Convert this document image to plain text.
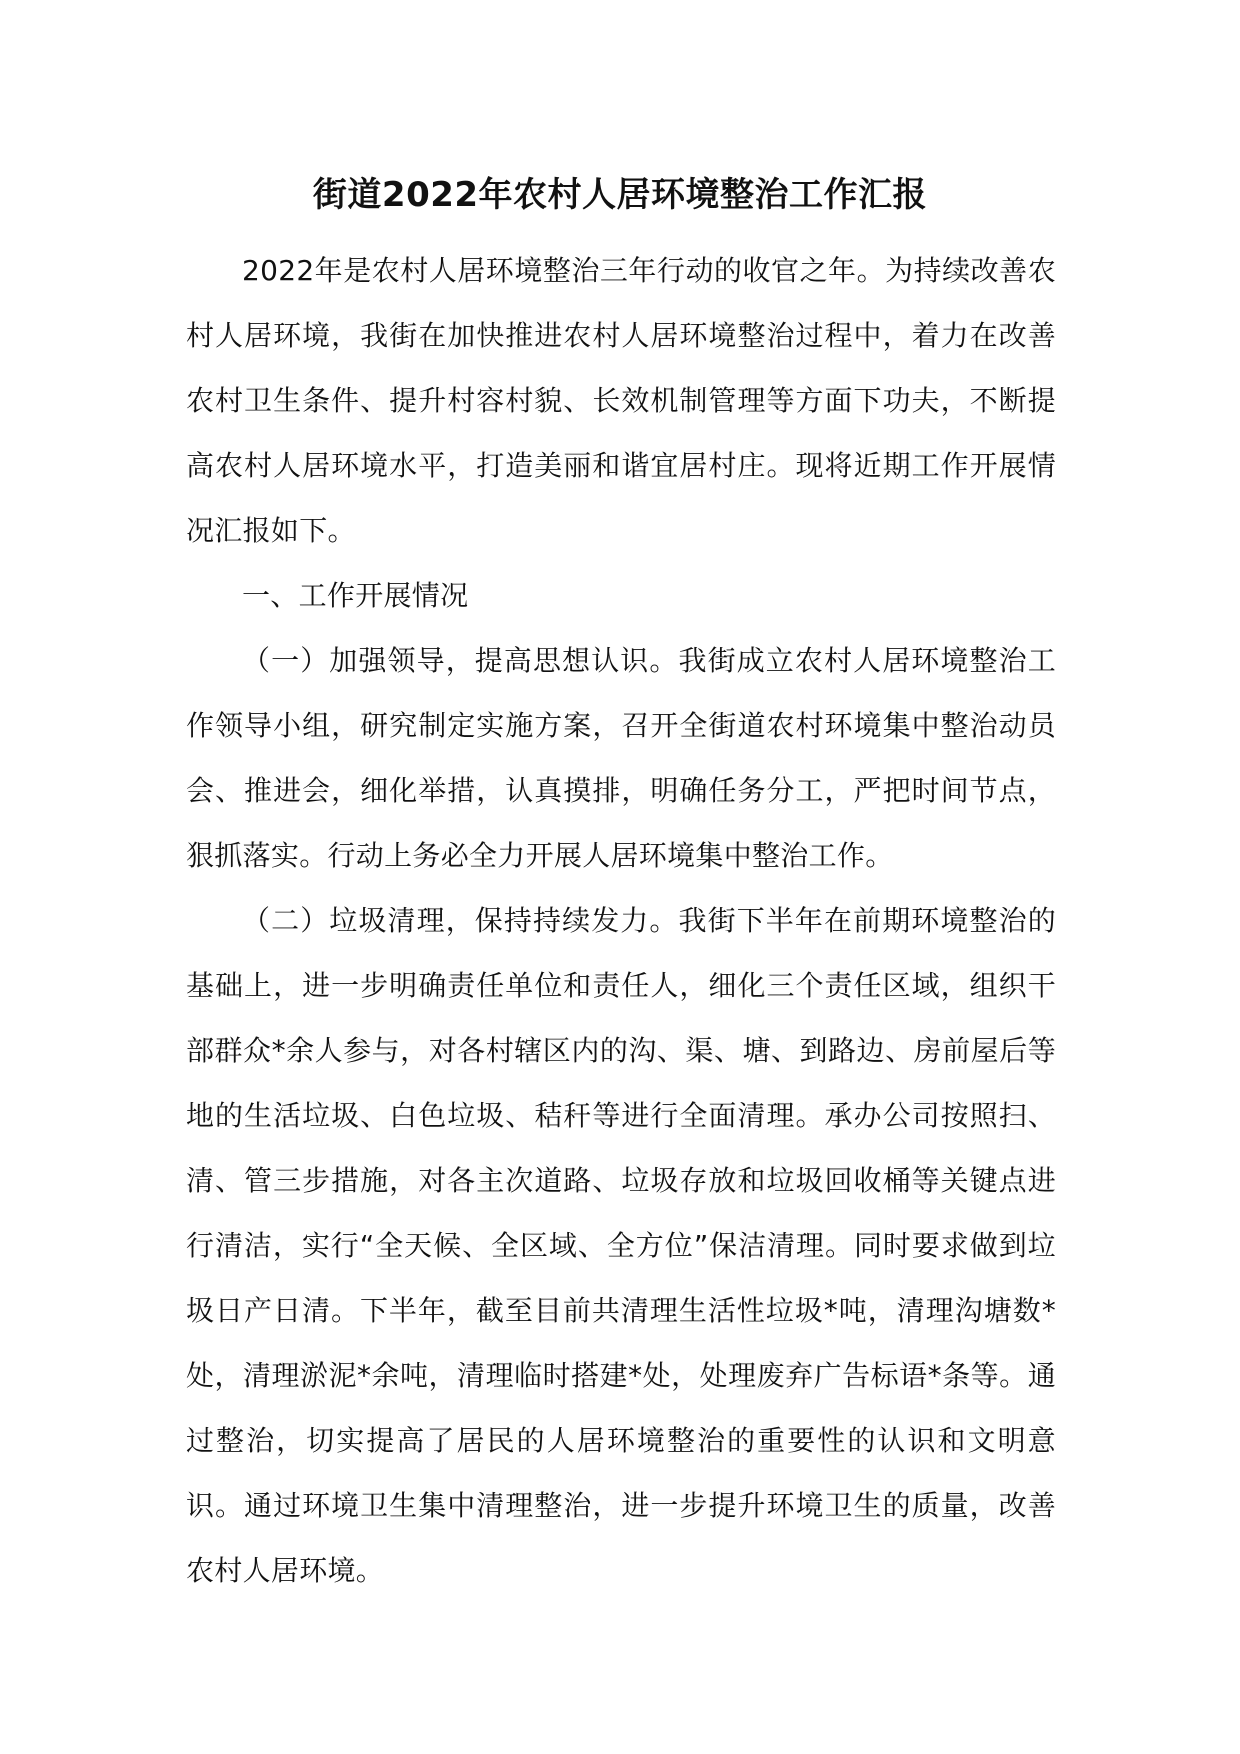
街道2022年农村人居环境整治工作汇报

2022年是农村人居环境整治三年行动的收官之年。为持续改善农村人居环境，我街在加快推进农村人居环境整治过程中，着力在改善农村卫生条件、提升村容村貌、长效机制管理等方面下功夫，不断提高农村人居环境水平，打造美丽和谐宜居村庄。现将近期工作开展情况汇报如下。

一、工作开展情况

（一）加强领导，提高思想认识。我街成立农村人居环境整治工作领导小组，研究制定实施方案，召开全街道农村环境集中整治动员会、推进会，细化举措，认真摸排，明确任务分工，严把时间节点，狠抓落实。行动上务必全力开展人居环境集中整治工作。

（二）垃圾清理，保持持续发力。我街下半年在前期环境整治的基础上，进一步明确责任单位和责任人，细化三个责任区域，组织干部群众*余人参与，对各村辖区内的沟、渠、塘、到路边、房前屋后等地的生活垃圾、白色垃圾、秸秆等进行全面清理。承办公司按照扫、清、管三步措施，对各主次道路、垃圾存放和垃圾回收桶等关键点进行清洁，实行“全天候、全区域、全方位”保洁清理。同时要求做到垃圾日产日清。下半年，截至目前共清理生活性垃圾*吨，清理沟塘数*处，清理淤泥*余吨，清理临时搭建*处，处理废弃广告标语*条等。通过整治，切实提高了居民的人居环境整治的重要性的认识和文明意识。通过环境卫生集中清理整治，进一步提升环境卫生的质量，改善农村人居环境。
